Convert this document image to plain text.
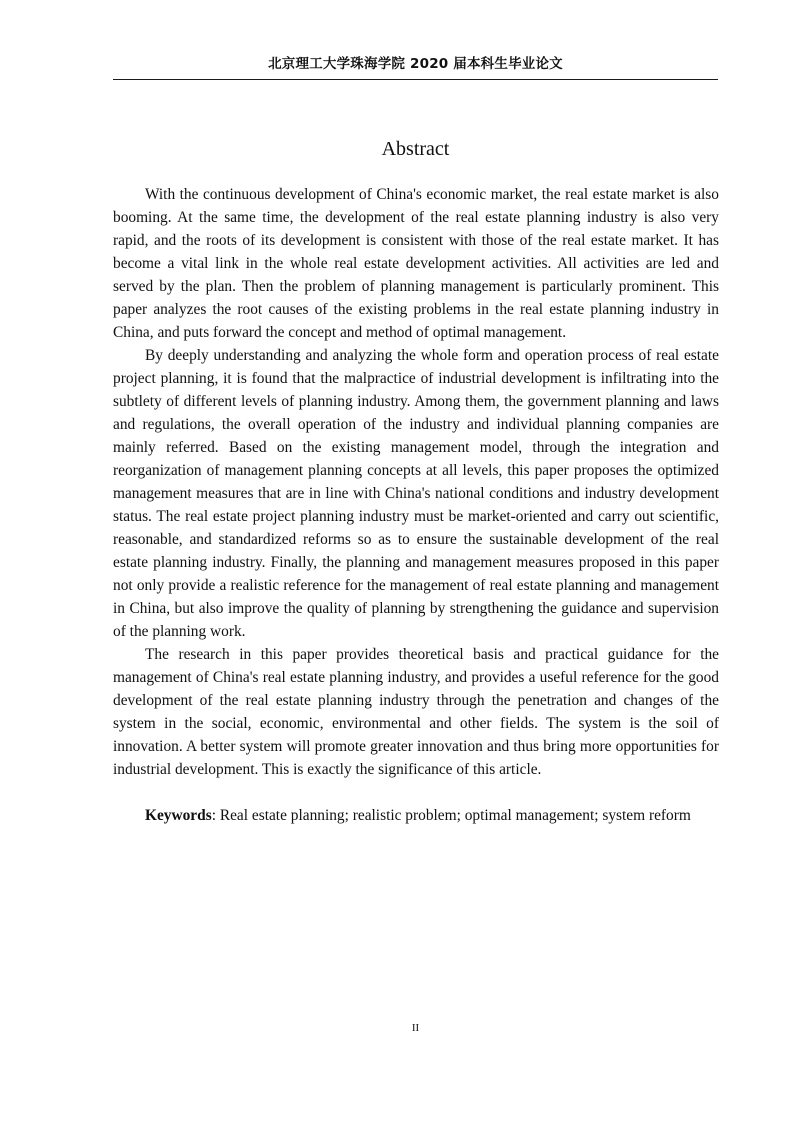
北京理工大学珠海学院 2020 届本科生毕业论文
Abstract

With the continuous development of China's economic market, the real estate market is also booming. At the same time, the development of the real estate planning industry is also very rapid, and the roots of its development is consistent with those of the real estate market. It has become a vital link in the whole real estate development activities. All activities are led and served by the plan. Then the problem of planning management is particularly prominent. This paper analyzes the root causes of the existing problems in the real estate planning industry in China, and puts forward the concept and method of optimal management.

By deeply understanding and analyzing the whole form and operation process of real estate project planning, it is found that the malpractice of industrial development is infiltrating into the subtlety of different levels of planning industry. Among them, the government planning and laws and regulations, the overall operation of the industry and individual planning companies are mainly referred. Based on the existing management model, through the integration and reorganization of management planning concepts at all levels, this paper proposes the optimized management measures that are in line with China's national conditions and industry development status. The real estate project planning industry must be market-oriented and carry out scientific, reasonable, and standardized reforms so as to ensure the sustainable development of the real estate planning industry. Finally, the planning and management measures proposed in this paper not only provide a realistic reference for the management of real estate planning and management in China, but also improve the quality of planning by strengthening the guidance and supervision of the planning work.

The research in this paper provides theoretical basis and practical guidance for the management of China's real estate planning industry, and provides a useful reference for the good development of the real estate planning industry through the penetration and changes of the system in the social, economic, environmental and other fields. The system is the soil of innovation. A better system will promote greater innovation and thus bring more opportunities for industrial development. This is exactly the significance of this article.

Keywords: Real estate planning; realistic problem; optimal management; system reform
II
